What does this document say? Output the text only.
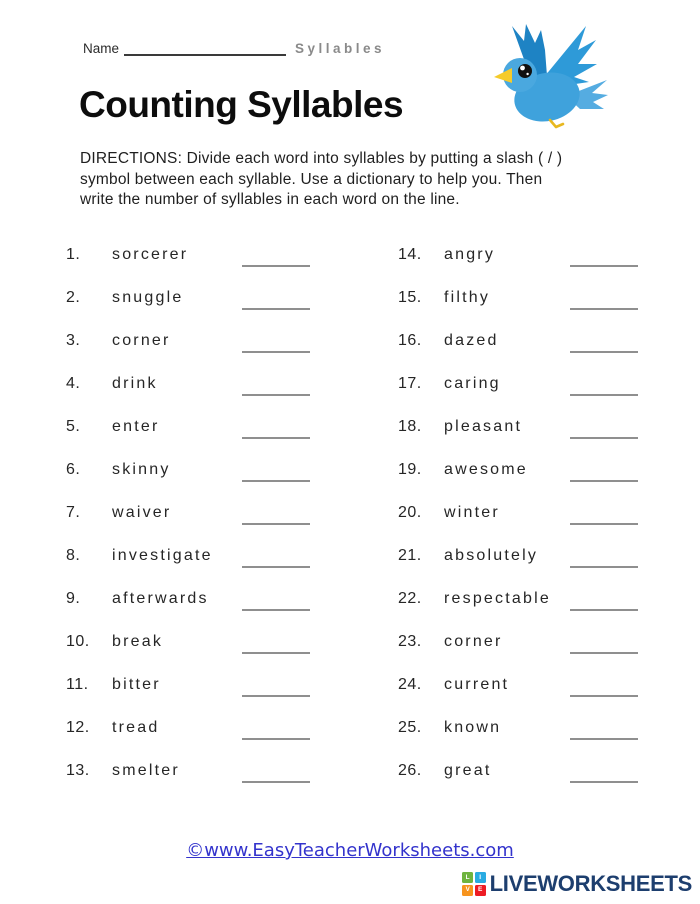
Name	Syllables
Counting Syllables
DIRECTIONS: Divide each word into syllables by putting a slash ( / )
symbol between each syllable. Use a dictionary to help you. Then
write the number of syllables in each word on the line.
1.	sorcerer
2.	snuggle
3.	corner
4.	drink
5.	enter
6.	skinny
7.	waiver
8.	investigate
9.	afterwards
10.	break
11.	bitter
12.	tread
13.	smelter
14.	angry
15.	filthy
16.	dazed
17.	caring
18.	pleasant
19.	awesome
20.	winter
21.	absolutely
22.	respectable
23.	corner
24.	current
25.	known
26.	great
©www.EasyTeacherWorksheets.com
L	I
V	E LIVEWORKSHEETS
